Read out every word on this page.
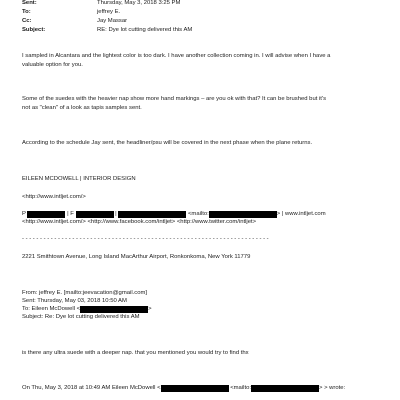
Sent:	Thursday, May 3, 2018 3:25 PM
To:	jeffrey E.
Cc:	Jay Massar
Subject:	RE: Dye lot cutting delivered this AM
I sampled in Alcantara and the lightest color is too dark. I have another collection coming in. I will advise when I have a
valuable option for you.
Some of the suedes with the heavier nap show more hand markings – are you ok with that? It can be brushed but it's
not as "clean" of a look as tapis samples sent.
According to the schedule Jay sent, the headliner/psu will be covered in the next phase when the plane returns.
EILEEN MCDOWELL | INTERIOR DESIGN
<http://www.intljet.com/>
P	| F	|	<mailto:	> | www.intljet.com
<http://www.intljet.com/> <http://www.facebook.com/intljet> <http://www.twitter.com/intljet>
- - - - - - - - - - - - - - - - - - - - - - - - - - - - - - - - - - - - - - - - - - - - - - - - - - - - - - - - - - - - - - - - - - - - -
2221 Smithtown Avenue, Long Island MacArthur Airport, Ronkonkoma, New York 11779
From: jeffrey E. [mailto:jeevacation@gmail.com]
Sent: Thursday, May 03, 2018 10:50 AM
To: Eileen McDowell <	>
Subject: Re: Dye lot cutting delivered this AM
is there any ultra suede with a deeper nap. that you mentioned you would try to find thx
On Thu, May 3, 2018 at 10:49 AM Eileen McDowell <	<mailto:	> > wrote:
